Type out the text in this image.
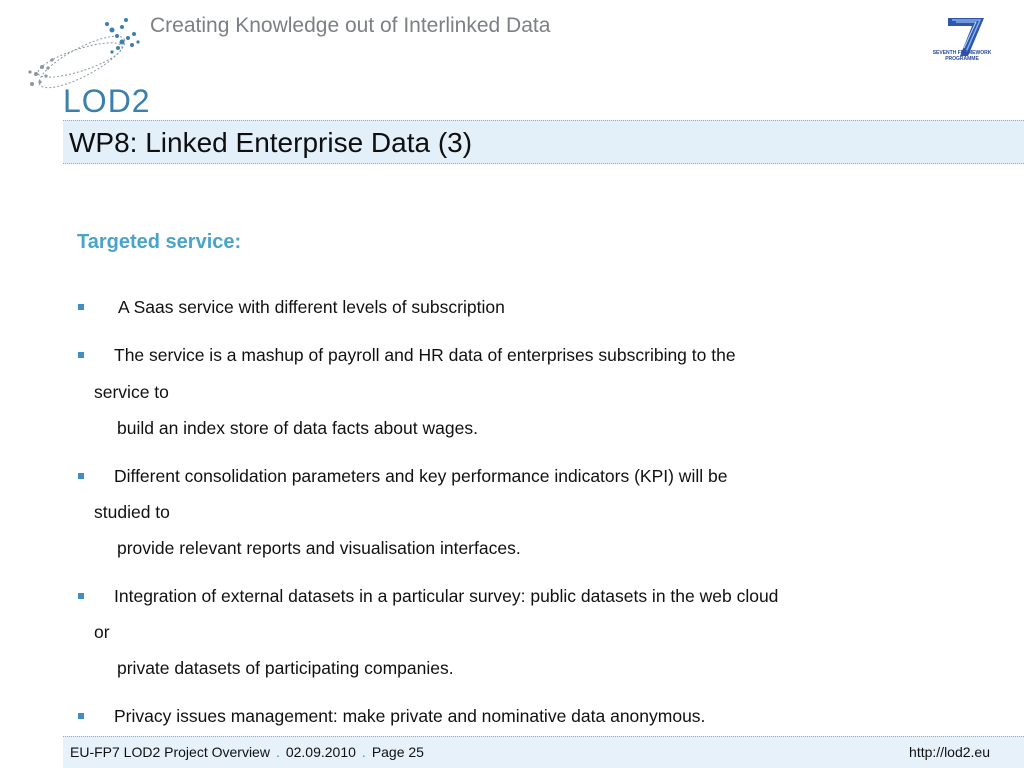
LOD2
Creating Knowledge out of Interlinked Data
SEVENTH FRAMEWORK PROGRAMME
WP8: Linked Enterprise Data (3)
Targeted service:
A Saas service with different levels of subscription
The service is a mashup of payroll and HR data of enterprises subscribing to the
service to
build an index store of data facts about wages.
Different consolidation parameters and key performance indicators (KPI) will be
studied to
provide relevant reports and visualisation interfaces.
Integration of external datasets in a particular survey: public datasets in the web cloud
or
private datasets of participating companies.
Privacy issues management: make private and nominative data anonymous.
EU-FP7 LOD2 Project Overview . 02.09.2010 . Page 25	http://lod2.eu
